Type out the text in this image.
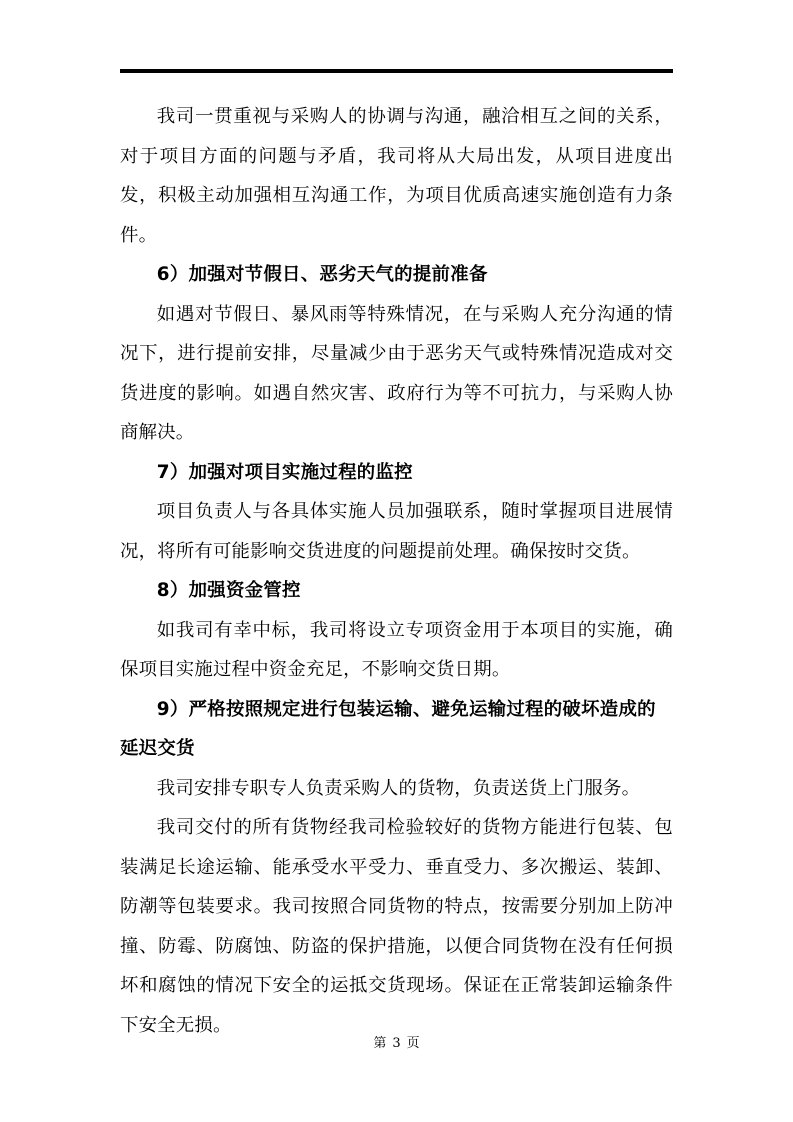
我司一贯重视与采购人的协调与沟通，融洽相互之间的关系，对于项目方面的问题与矛盾，我司将从大局出发，从项目进度出发，积极主动加强相互沟通工作，为项目优质高速实施创造有力条件。

6）加强对节假日、恶劣天气的提前准备

如遇对节假日、暴风雨等特殊情况，在与采购人充分沟通的情况下，进行提前安排，尽量减少由于恶劣天气或特殊情况造成对交货进度的影响。如遇自然灾害、政府行为等不可抗力，与采购人协商解决。

7）加强对项目实施过程的监控

项目负责人与各具体实施人员加强联系，随时掌握项目进展情况，将所有可能影响交货进度的问题提前处理。确保按时交货。

8）加强资金管控

如我司有幸中标，我司将设立专项资金用于本项目的实施，确保项目实施过程中资金充足，不影响交货日期。

9）严格按照规定进行包装运输、避免运输过程的破坏造成的延迟交货

我司安排专职专人负责采购人的货物，负责送货上门服务。

我司交付的所有货物经我司检验较好的货物方能进行包装、包装满足长途运输、能承受水平受力、垂直受力、多次搬运、装卸、防潮等包装要求。我司按照合同货物的特点，按需要分别加上防冲撞、防霉、防腐蚀、防盗的保护措施，以便合同货物在没有任何损坏和腐蚀的情况下安全的运抵交货现场。保证在正常装卸运输条件下安全无损。

第 3 页
